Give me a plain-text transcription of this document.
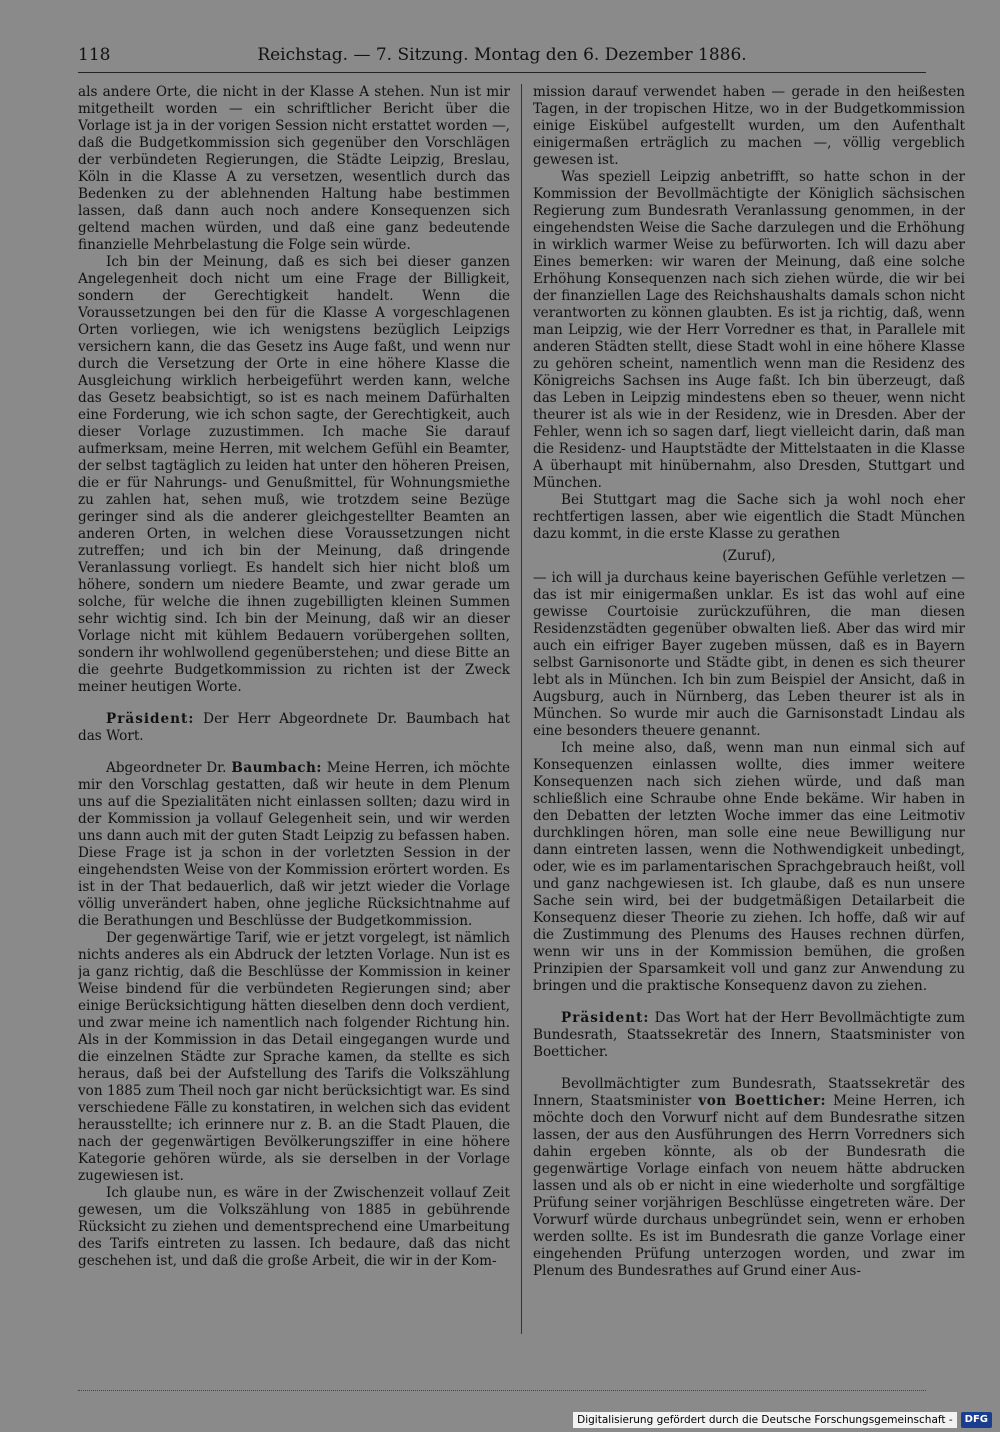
118	Reichstag. — 7. Sitzung. Montag den 6. Dezember 1886.

als andere Orte, die nicht in der Klasse A stehen. Nun ist mir mitgetheilt worden — ein schriftlicher Bericht über die Vorlage ist ja in der vorigen Session nicht erstattet worden —, daß die Budgetkommission sich gegenüber den Vorschlägen der verbündeten Regierungen, die Städte Leipzig, Breslau, Köln in die Klasse A zu versetzen, wesentlich durch das Bedenken zu der ablehnenden Haltung habe bestimmen lassen, daß dann auch noch andere Konsequenzen sich geltend machen würden, und daß eine ganz bedeutende finanzielle Mehrbelastung die Folge sein würde.

Ich bin der Meinung, daß es sich bei dieser ganzen Angelegenheit doch nicht um eine Frage der Billigkeit, sondern der Gerechtigkeit handelt. Wenn die Voraussetzungen bei den für die Klasse A vorgeschlagenen Orten vorliegen, wie ich wenigstens bezüglich Leipzigs versichern kann, die das Gesetz ins Auge faßt, und wenn nur durch die Versetzung der Orte in eine höhere Klasse die Ausgleichung wirklich herbeigeführt werden kann, welche das Gesetz beabsichtigt, so ist es nach meinem Dafürhalten eine Forderung, wie ich schon sagte, der Gerechtigkeit, auch dieser Vorlage zuzustimmen. Ich mache Sie darauf aufmerksam, meine Herren, mit welchem Gefühl ein Beamter, der selbst tagtäglich zu leiden hat unter den höheren Preisen, die er für Nahrungs- und Genußmittel, für Wohnungsmiethe zu zahlen hat, sehen muß, wie trotzdem seine Bezüge geringer sind als die anderer gleichgestellter Beamten an anderen Orten, in welchen diese Voraussetzungen nicht zutreffen; und ich bin der Meinung, daß dringende Veranlassung vorliegt. Es handelt sich hier nicht bloß um höhere, sondern um niedere Beamte, und zwar gerade um solche, für welche die ihnen zugebilligten kleinen Summen sehr wichtig sind. Ich bin der Meinung, daß wir an dieser Vorlage nicht mit kühlem Bedauern vorübergehen sollten, sondern ihr wohlwollend gegenüberstehen; und diese Bitte an die geehrte Budgetkommission zu richten ist der Zweck meiner heutigen Worte.

Präsident: Der Herr Abgeordnete Dr. Baumbach hat das Wort.

Abgeordneter Dr. Baumbach: Meine Herren, ich möchte mir den Vorschlag gestatten, daß wir heute in dem Plenum uns auf die Spezialitäten nicht einlassen sollten; dazu wird in der Kommission ja vollauf Gelegenheit sein, und wir werden uns dann auch mit der guten Stadt Leipzig zu befassen haben. Diese Frage ist ja schon in der vorletzten Session in der eingehendsten Weise von der Kommission erörtert worden. Es ist in der That bedauerlich, daß wir jetzt wieder die Vorlage völlig unverändert haben, ohne jegliche Rücksichtnahme auf die Berathungen und Beschlüsse der Budgetkommission.

Der gegenwärtige Tarif, wie er jetzt vorgelegt, ist nämlich nichts anderes als ein Abdruck der letzten Vorlage. Nun ist es ja ganz richtig, daß die Beschlüsse der Kommission in keiner Weise bindend für die verbündeten Regierungen sind; aber einige Berücksichtigung hätten dieselben denn doch verdient, und zwar meine ich namentlich nach folgender Richtung hin. Als in der Kommission in das Detail eingegangen wurde und die einzelnen Städte zur Sprache kamen, da stellte es sich heraus, daß bei der Aufstellung des Tarifs die Volkszählung von 1885 zum Theil noch gar nicht berücksichtigt war. Es sind verschiedene Fälle zu konstatiren, in welchen sich das evident herausstellte; ich erinnere nur z. B. an die Stadt Plauen, die nach der gegenwärtigen Bevölkerungsziffer in eine höhere Kategorie gehören würde, als sie derselben in der Vorlage zugewiesen ist.

Ich glaube nun, es wäre in der Zwischenzeit vollauf Zeit gewesen, um die Volkszählung von 1885 in gebührende Rücksicht zu ziehen und dementsprechend eine Umarbeitung des Tarifs eintreten zu lassen. Ich bedaure, daß das nicht geschehen ist, und daß die große Arbeit, die wir in der Kom-

mission darauf verwendet haben — gerade in den heißesten Tagen, in der tropischen Hitze, wo in der Budgetkommission einige Eiskübel aufgestellt wurden, um den Aufenthalt einigermaßen erträglich zu machen —, völlig vergeblich gewesen ist.

Was speziell Leipzig anbetrifft, so hatte schon in der Kommission der Bevollmächtigte der Königlich sächsischen Regierung zum Bundesrath Veranlassung genommen, in der eingehendsten Weise die Sache darzulegen und die Erhöhung in wirklich warmer Weise zu befürworten. Ich will dazu aber Eines bemerken: wir waren der Meinung, daß eine solche Erhöhung Konsequenzen nach sich ziehen würde, die wir bei der finanziellen Lage des Reichshaushalts damals schon nicht verantworten zu können glaubten. Es ist ja richtig, daß, wenn man Leipzig, wie der Herr Vorredner es that, in Parallele mit anderen Städten stellt, diese Stadt wohl in eine höhere Klasse zu gehören scheint, namentlich wenn man die Residenz des Königreichs Sachsen ins Auge faßt. Ich bin überzeugt, daß das Leben in Leipzig mindestens eben so theuer, wenn nicht theurer ist als wie in der Residenz, wie in Dresden. Aber der Fehler, wenn ich so sagen darf, liegt vielleicht darin, daß man die Residenz- und Hauptstädte der Mittelstaaten in die Klasse A überhaupt mit hinübernahm, also Dresden, Stuttgart und München.

Bei Stuttgart mag die Sache sich ja wohl noch eher rechtfertigen lassen, aber wie eigentlich die Stadt München dazu kommt, in die erste Klasse zu gerathen

(Zuruf),

— ich will ja durchaus keine bayerischen Gefühle verletzen — das ist mir einigermaßen unklar. Es ist das wohl auf eine gewisse Courtoisie zurückzuführen, die man diesen Residenzstädten gegenüber obwalten ließ. Aber das wird mir auch ein eifriger Bayer zugeben müssen, daß es in Bayern selbst Garnisonorte und Städte gibt, in denen es sich theurer lebt als in München. Ich bin zum Beispiel der Ansicht, daß in Augsburg, auch in Nürnberg, das Leben theurer ist als in München. So wurde mir auch die Garnisonstadt Lindau als eine besonders theuere genannt.

Ich meine also, daß, wenn man nun einmal sich auf Konsequenzen einlassen wollte, dies immer weitere Konsequenzen nach sich ziehen würde, und daß man schließlich eine Schraube ohne Ende bekäme. Wir haben in den Debatten der letzten Woche immer das eine Leitmotiv durchklingen hören, man solle eine neue Bewilligung nur dann eintreten lassen, wenn die Nothwendigkeit unbedingt, oder, wie es im parlamentarischen Sprachgebrauch heißt, voll und ganz nachgewiesen ist. Ich glaube, daß es nun unsere Sache sein wird, bei der budgetmäßigen Detailarbeit die Konsequenz dieser Theorie zu ziehen. Ich hoffe, daß wir auf die Zustimmung des Plenums des Hauses rechnen dürfen, wenn wir uns in der Kommission bemühen, die großen Prinzipien der Sparsamkeit voll und ganz zur Anwendung zu bringen und die praktische Konsequenz davon zu ziehen.

Präsident: Das Wort hat der Herr Bevollmächtigte zum Bundesrath, Staatssekretär des Innern, Staatsminister von Boetticher.

Bevollmächtigter zum Bundesrath, Staatssekretär des Innern, Staatsminister von Boetticher: Meine Herren, ich möchte doch den Vorwurf nicht auf dem Bundesrathe sitzen lassen, der aus den Ausführungen des Herrn Vorredners sich dahin ergeben könnte, als ob der Bundesrath die gegenwärtige Vorlage einfach von neuem hätte abdrucken lassen und als ob er nicht in eine wiederholte und sorgfältige Prüfung seiner vorjährigen Beschlüsse eingetreten wäre. Der Vorwurf würde durchaus unbegründet sein, wenn er erhoben werden sollte. Es ist im Bundesrath die ganze Vorlage einer eingehenden Prüfung unterzogen worden, und zwar im Plenum des Bundesrathes auf Grund einer Aus-

Digitalisierung gefördert durch die Deutsche Forschungsgemeinschaft -	DFG
